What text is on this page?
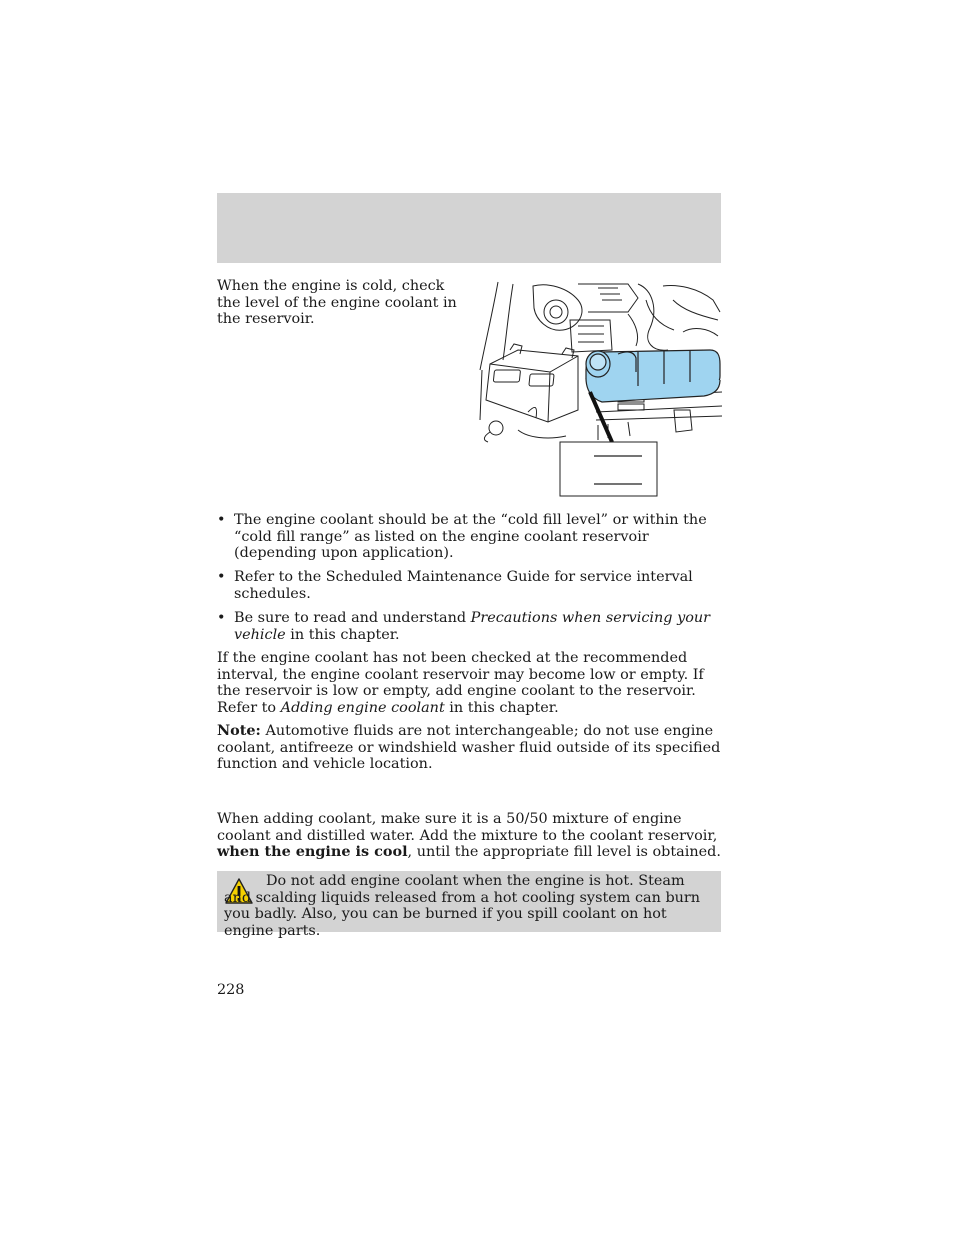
When the engine is cold, check the level of the engine coolant in the reservoir.

• The engine coolant should be at the “cold fill level” or within the “cold fill range” as listed on the engine coolant reservoir (depending upon application).
• Refer to the Scheduled Maintenance Guide for service interval schedules.
• Be sure to read and understand Precautions when servicing your vehicle in this chapter.

If the engine coolant has not been checked at the recommended interval, the engine coolant reservoir may become low or empty. If the reservoir is low or empty, add engine coolant to the reservoir. Refer to Adding engine coolant in this chapter.

Note: Automotive fluids are not interchangeable; do not use engine coolant, antifreeze or windshield washer fluid outside of its specified function and vehicle location.

When adding coolant, make sure it is a 50/50 mixture of engine coolant and distilled water. Add the mixture to the coolant reservoir, when the engine is cool, until the appropriate fill level is obtained.

Do not add engine coolant when the engine is hot. Steam and scalding liquids released from a hot cooling system can burn you badly. Also, you can be burned if you spill coolant on hot engine parts.

228
